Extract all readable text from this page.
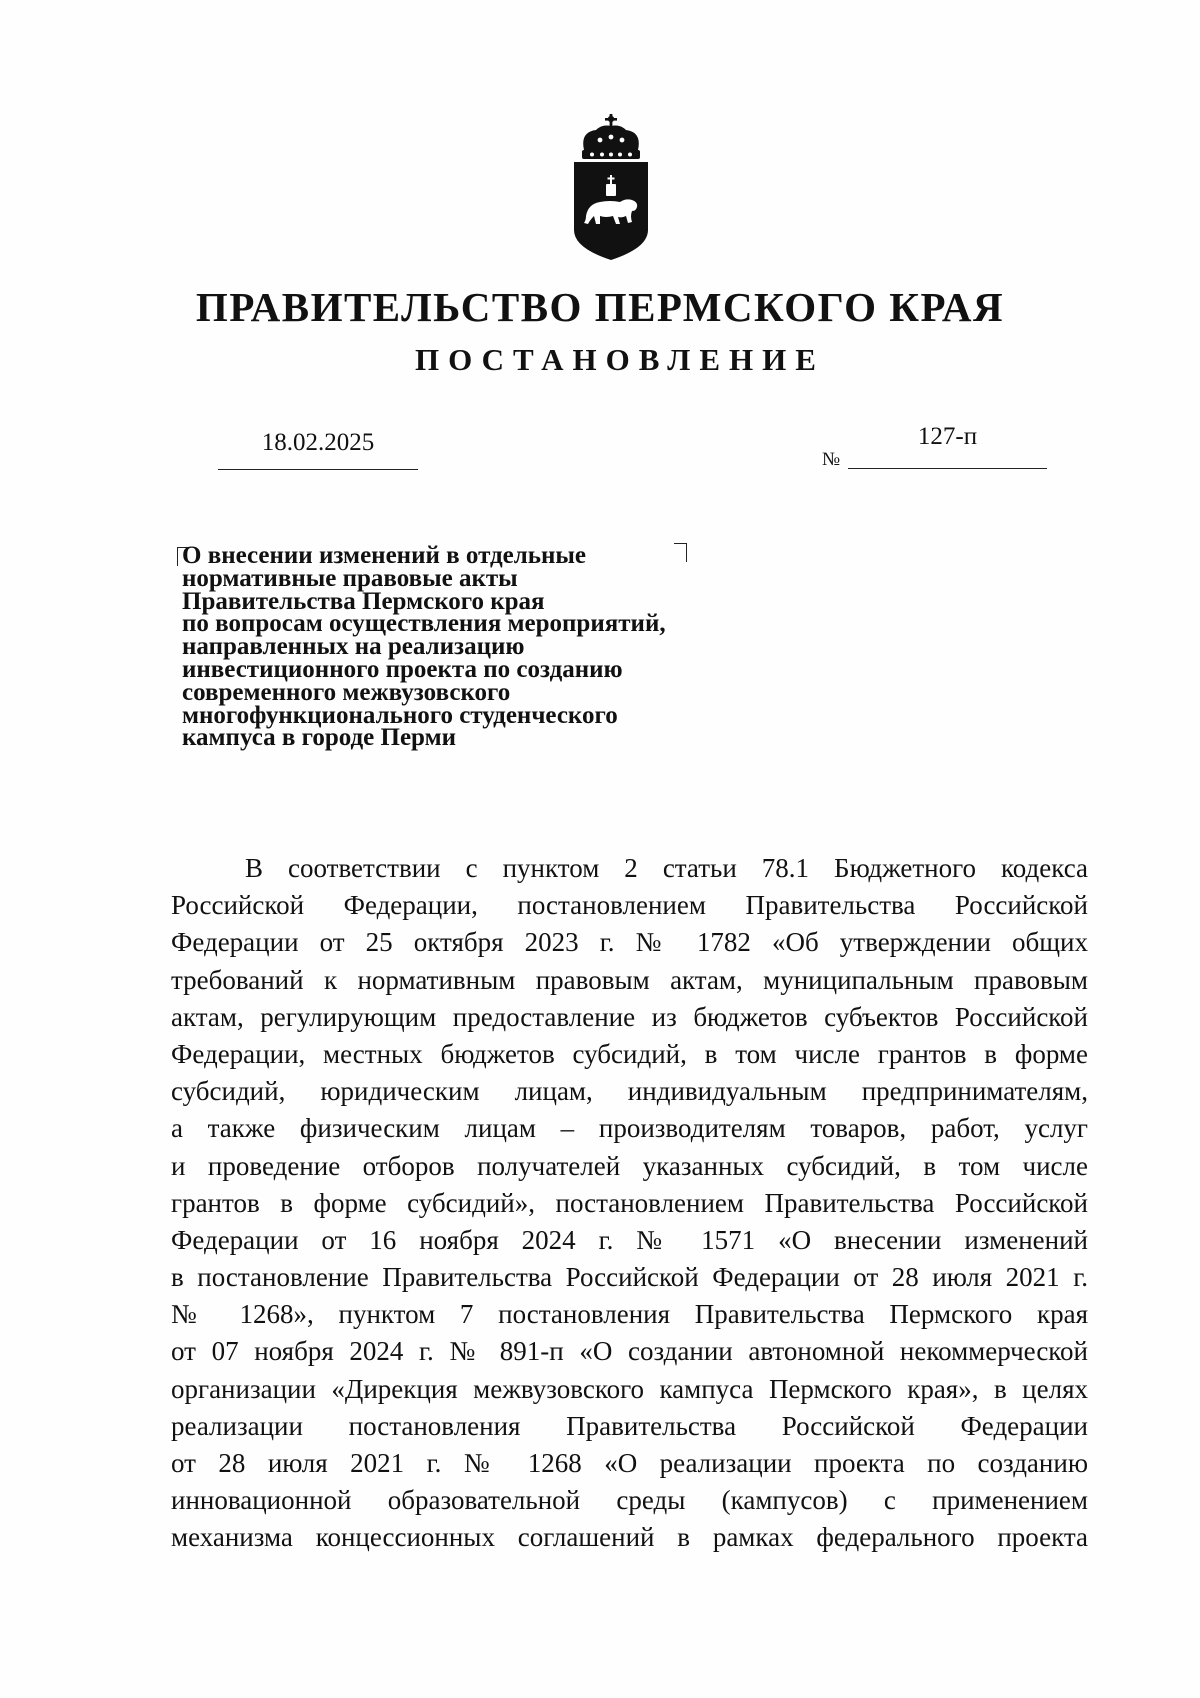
ПРАВИТЕЛЬСТВО ПЕРМСКОГО КРАЯ
ПОСТАНОВЛЕНИЕ
18.02.2025
№
127-п
О внесении изменений в отдельные
нормативные правовые акты
Правительства Пермского края
по вопросам осуществления мероприятий,
направленных на реализацию
инвестиционного проекта по созданию
современного межвузовского
многофункционального студенческого
кампуса в городе Перми
В соответствии с пунктом 2 статьи 78.1 Бюджетного кодекса
Российской Федерации, постановлением Правительства Российской
Федерации от 25 октября 2023 г. № 1782 «Об утверждении общих
требований к нормативным правовым актам, муниципальным правовым
актам, регулирующим предоставление из бюджетов субъектов Российской
Федерации, местных бюджетов субсидий, в том числе грантов в форме
субсидий, юридическим лицам, индивидуальным предпринимателям,
а также физическим лицам – производителям товаров, работ, услуг
и проведение отборов получателей указанных субсидий, в том числе
грантов в форме субсидий», постановлением Правительства Российской
Федерации от 16 ноября 2024 г. № 1571 «О внесении изменений
в постановление Правительства Российской Федерации от 28 июля 2021 г.
№ 1268», пунктом 7 постановления Правительства Пермского края
от 07 ноября 2024 г. № 891-п «О создании автономной некоммерческой
организации «Дирекция межвузовского кампуса Пермского края», в целях
реализации постановления Правительства Российской Федерации
от 28 июля 2021 г. № 1268 «О реализации проекта по созданию
инновационной образовательной среды (кампусов) с применением
механизма концессионных соглашений в рамках федерального проекта
